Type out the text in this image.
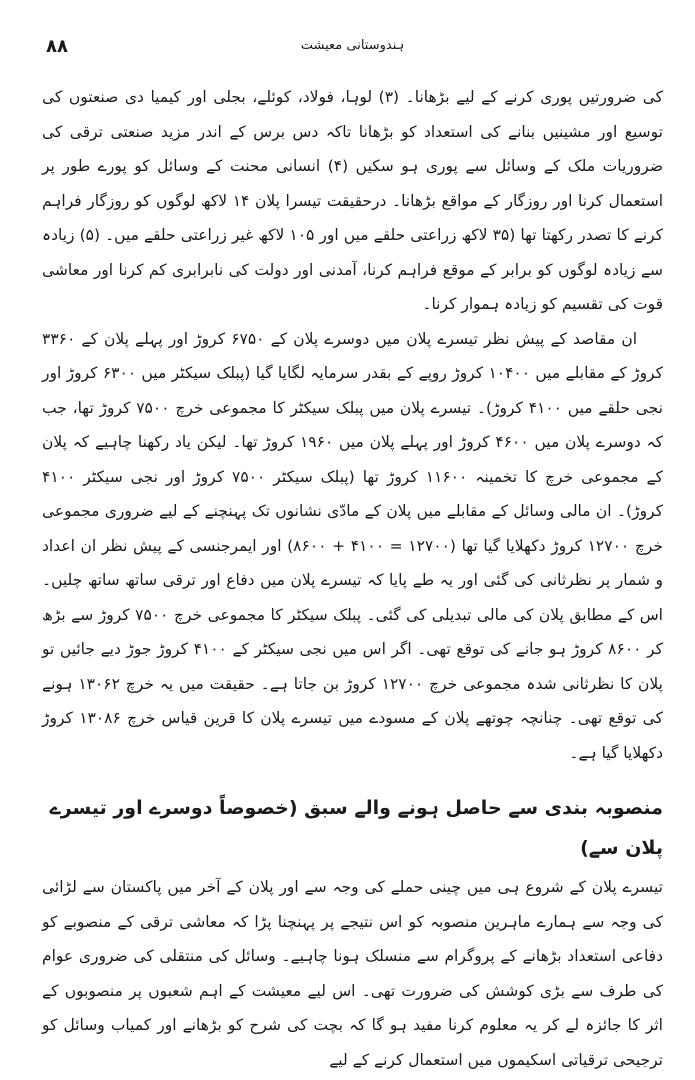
۸۸	ہندوستانی معیشت

کی ضرورتیں پوری کرنے کے لیے بڑھانا۔ (۳) لوہا، فولاد، کوئلے، بجلی اور کیمیا دی صنعتوں کی توسیع اور مشینیں بنانے کی استعداد کو بڑھانا تاکہ دس برس کے اندر مزید صنعتی ترقی کی ضروریات ملک کے وسائل سے پوری ہو سکیں (۴) انسانی محنت کے وسائل کو پورے طور پر استعمال کرنا اور روزگار کے مواقع بڑھانا۔ درحقیقت تیسرا پلان ۱۴ لاکھ لوگوں کو روزگار فراہم کرنے کا تصدر رکھتا تھا (۳۵ لاکھ زراعتی حلقے میں اور ۱۰۵ لاکھ غیر زراعتی حلقے میں۔ (۵) زیادہ سے زیادہ لوگوں کو برابر کے موقع فراہم کرنا، آمدنی اور دولت کی نابرابری کم کرنا اور معاشی قوت کی تقسیم کو زیادہ ہموار کرنا۔

ان مقاصد کے پیش نظر تیسرے پلان میں دوسرے پلان کے ۶۷۵۰ کروڑ اور پہلے پلان کے ۳۳۶۰ کروڑ کے مقابلے میں ۱۰۴۰۰ کروڑ روپے کے بقدر سرمایہ لگایا گیا (پبلک سیکٹر میں ۶۳۰۰ کروڑ اور نجی حلقے میں ۴۱۰۰ کروڑ)۔ تیسرے پلان میں پبلک سیکٹر کا مجموعی خرچ ۷۵۰۰ کروڑ تھا، جب کہ دوسرے پلان میں ۴۶۰۰ کروڑ اور پہلے پلان میں ۱۹۶۰ کروڑ تھا۔ لیکن یاد رکھنا چاہیے کہ پلان کے مجموعی خرچ کا تخمینہ ۱۱۶۰۰ کروڑ تھا (پبلک سیکٹر ۷۵۰۰ کروڑ اور نجی سیکٹر ۴۱۰۰ کروڑ)۔ ان مالی وسائل کے مقابلے میں پلان کے مادّی نشانوں تک پہنچنے کے لیے ضروری مجموعی خرچ ۱۲۷۰۰ کروڑ دکھلایا گیا تھا (۱۲۷۰۰ = ۴۱۰۰ + ۸۶۰۰) اور ایمرجنسی کے پیش نظر ان اعداد و شمار پر نظرثانی کی گئی اور یہ طے پایا کہ تیسرے پلان میں دفاع اور ترقی ساتھ ساتھ چلیں۔ اس کے مطابق پلان کی مالی تبدیلی کی گئی۔ پبلک سیکٹر کا مجموعی خرچ ۷۵۰۰ کروڑ سے بڑھ کر ۸۶۰۰ کروڑ ہو جانے کی توقع تھی۔ اگر اس میں نجی سیکٹر کے ۴۱۰۰ کروڑ جوڑ دیے جائیں تو پلان کا نظرثانی شدہ مجموعی خرچ ۱۲۷۰۰ کروڑ بن جاتا ہے۔ حقیقت میں یہ خرچ ۱۳۰۶۲ ہونے کی توقع تھی۔ چنانچہ چوتھے پلان کے مسودے میں تیسرے پلان کا قرین قیاس خرچ ۱۳۰۸۶ کروڑ دکھلایا گیا ہے۔

منصوبہ بندی سے حاصل ہونے والے سبق (خصوصاً دوسرے اور تیسرے پلان سے)

تیسرے پلان کے شروع ہی میں چینی حملے کی وجہ سے اور پلان کے آخر میں پاکستان سے لڑائی کی وجہ سے ہمارے ماہرین منصوبہ کو اس نتیجے پر پہنچنا پڑا کہ معاشی ترقی کے منصوبے کو دفاعی استعداد بڑھانے کے پروگرام سے منسلک ہونا چاہیے۔ وسائل کی منتقلی کی ضروری عوام کی طرف سے بڑی کوشش کی ضرورت تھی۔ اس لیے معیشت کے اہم شعبوں پر منصوبوں کے اثر کا جائزہ لے کر یہ معلوم کرنا مفید ہو گا کہ بچت کی شرح کو بڑھانے اور کمیاب وسائل کو ترجیحی ترقیاتی اسکیموں میں استعمال کرنے کے لیے
